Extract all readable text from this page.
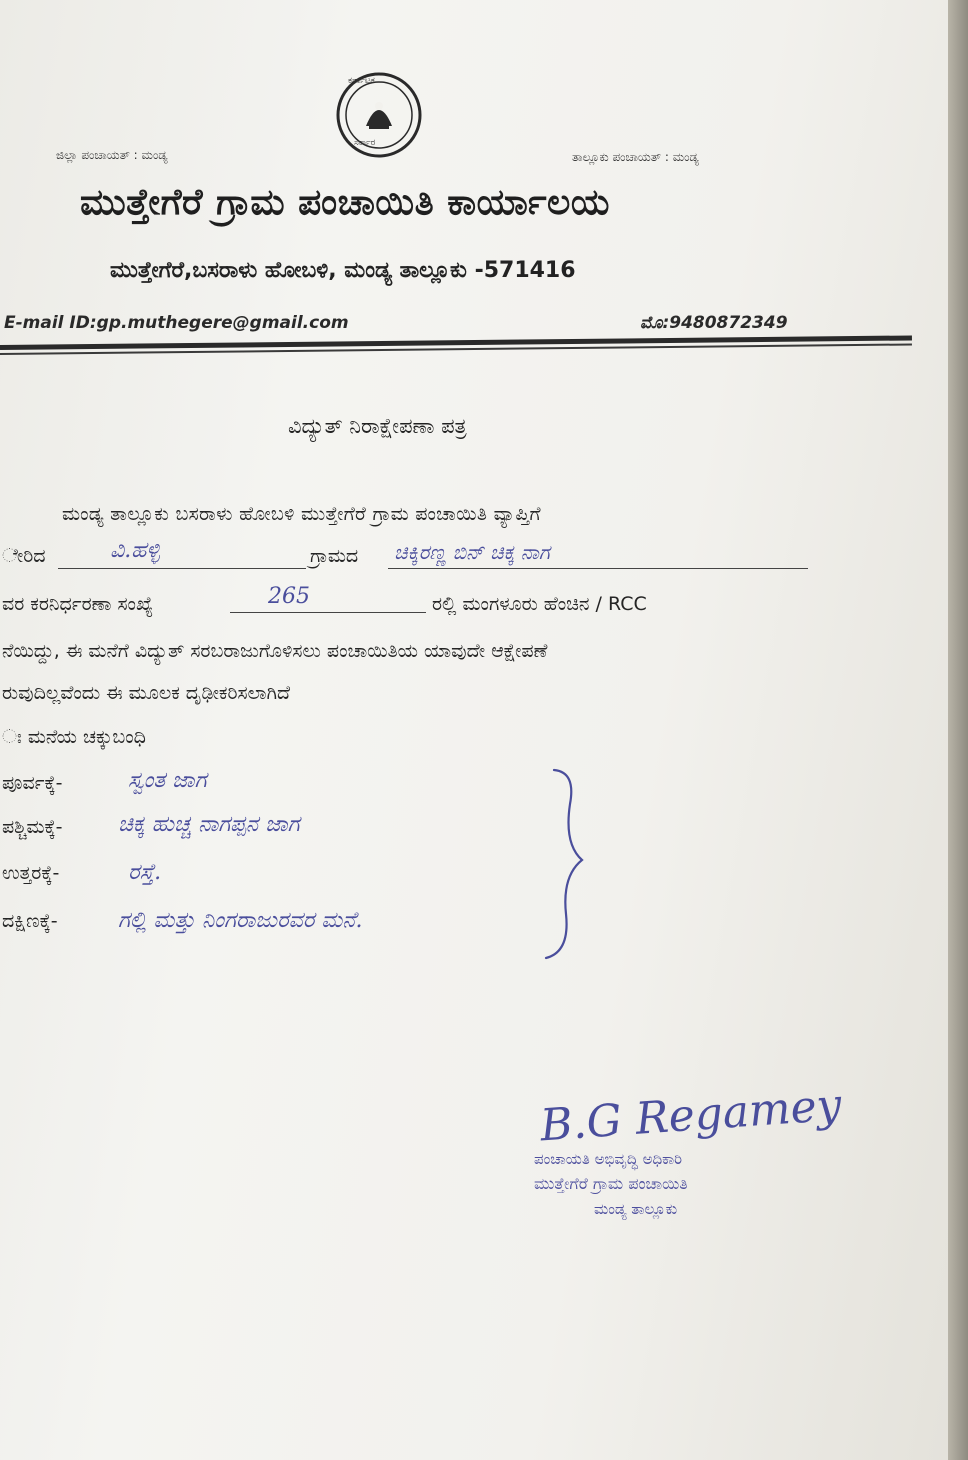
ಕರ್ನಾಟಕ
ಸರ್ಕಾರ
ಜಿಲ್ಲಾ ಪಂಚಾಯತ್ : ಮಂಡ್ಯ	ತಾಲ್ಲೂಕು ಪಂಚಾಯತ್ : ಮಂಡ್ಯ
ಮುತ್ತೇಗೆರೆ ಗ್ರಾಮ ಪಂಚಾಯಿತಿ ಕಾರ್ಯಾಲಯ
ಮುತ್ತೇಗೆರೆ,ಬಸರಾಳು ಹೋಬಳಿ, ಮಂಡ್ಯ ತಾಲ್ಲೂಕು -571416
E-mail ID:gp.muthegere@gmail.com	ಮೊ:9480872349
ವಿದ್ಯುತ್ ನಿರಾಕ್ಷೇಪಣಾ ಪತ್ರ
ಮಂಡ್ಯ ತಾಲ್ಲೂಕು ಬಸರಾಳು ಹೋಬಳಿ ಮುತ್ತೇಗೆರೆ ಗ್ರಾಮ ಪಂಚಾಯಿತಿ ವ್ಯಾಪ್ತಿಗೆ
ೇರಿದ	ವಿ.ಹಳ್ಳಿ	ಗ್ರಾಮದ ಚಿಕ್ಕಿರಣ್ಣ ಬಿನ್ ಚಿಕ್ಕ ನಾಗ
ವರ ಕರನಿರ್ಧರಣಾ ಸಂಖ್ಯೆ	265	ರಲ್ಲಿ ಮಂಗಳೂರು ಹೆಂಚಿನ / RCC
ನೆಯಿದ್ದು, ಈ ಮನೆಗೆ ವಿದ್ಯುತ್ ಸರಬರಾಜುಗೊಳಿಸಲು ಪಂಚಾಯಿತಿಯ ಯಾವುದೇ ಆಕ್ಷೇಪಣೆ
ರುವುದಿಲ್ಲವೆಂದು ಈ ಮೂಲಕ ದೃಢೀಕರಿಸಲಾಗಿದೆ
ಃ ಮನೆಯ ಚಕ್ಕುಬಂಧಿ
ಪೂರ್ವಕ್ಕೆ-	ಸ್ವಂತ ಜಾಗ
ಪಶ್ಚಿಮಕ್ಕೆ-	ಚಿಕ್ಕ ಹುಚ್ಚ ನಾಗಪ್ಪನ ಜಾಗ
ಉತ್ತರಕ್ಕೆ-	ರಸ್ತೆ.
ದಕ್ಷಿಣಕ್ಕೆ-	ಗಲ್ಲಿ ಮತ್ತು ನಿಂಗರಾಜುರವರ ಮನೆ.
B.G Regamey
ಪಂಚಾಯತಿ ಅಭಿವೃದ್ಧಿ ಅಧಿಕಾರಿ
ಮುತ್ತೇಗೆರೆ ಗ್ರಾಮ ಪಂಚಾಯಿತಿ
ಮಂಡ್ಯ ತಾಲ್ಲೂಕು
